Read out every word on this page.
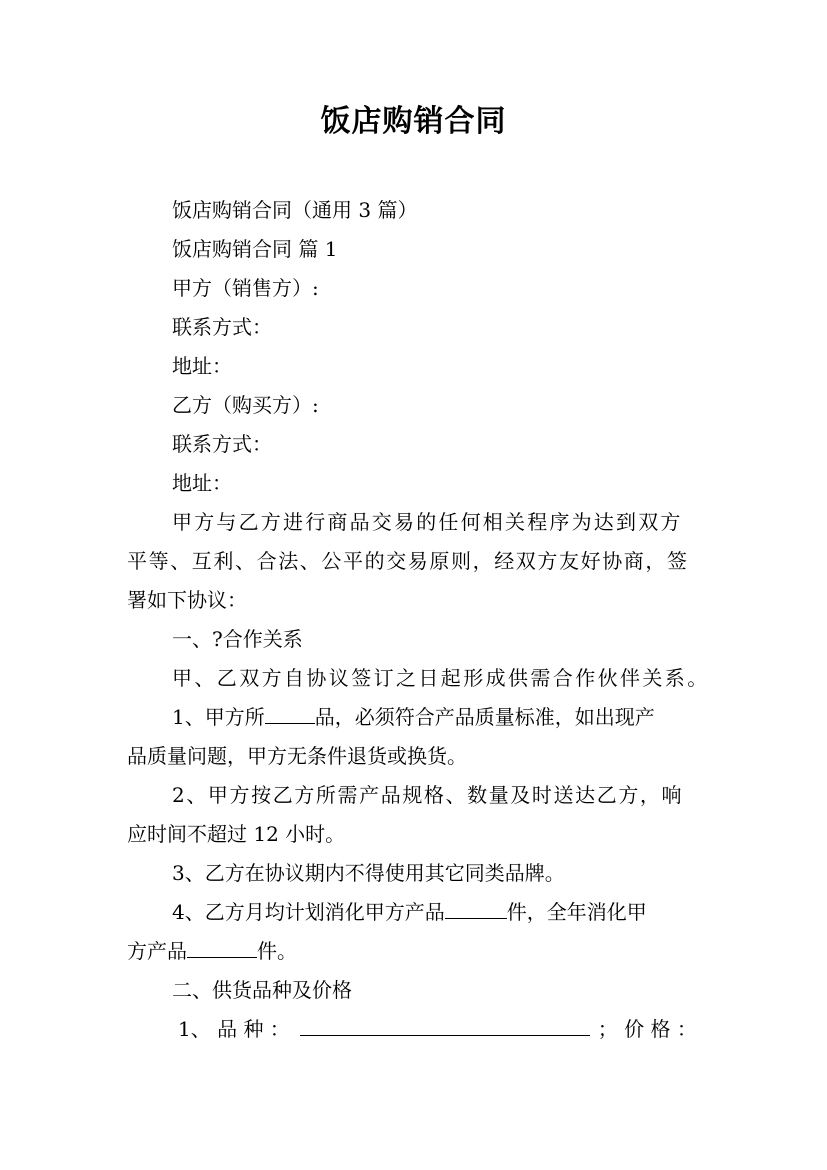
饭店购销合同
饭店购销合同（通用 3 篇）
饭店购销合同 篇 1
甲方（销售方）:
联系方式：
地址：
乙方（购买方）:
联系方式：
地址：
甲方与乙方进行商品交易的任何相关程序为达到双方
平等、互利、合法、公平的交易原则，经双方友好协商，签
署如下协议：
一、?合作关系
甲、乙双方自协议签订之日起形成供需合作伙伴关系。
1、甲方所	品，必须符合产品质量标准，如出现产
品质量问题，甲方无条件退货或换货。
2、甲方按乙方所需产品规格、数量及时送达乙方，响
应时间不超过 12 小时。
3、乙方在协议期内不得使用其它同类品牌。
4、乙方月均计划消化甲方产品	件，全年消化甲
方产品	件。
二、供货品种及价格
1、 品 种 ：	； 价 格 ：
